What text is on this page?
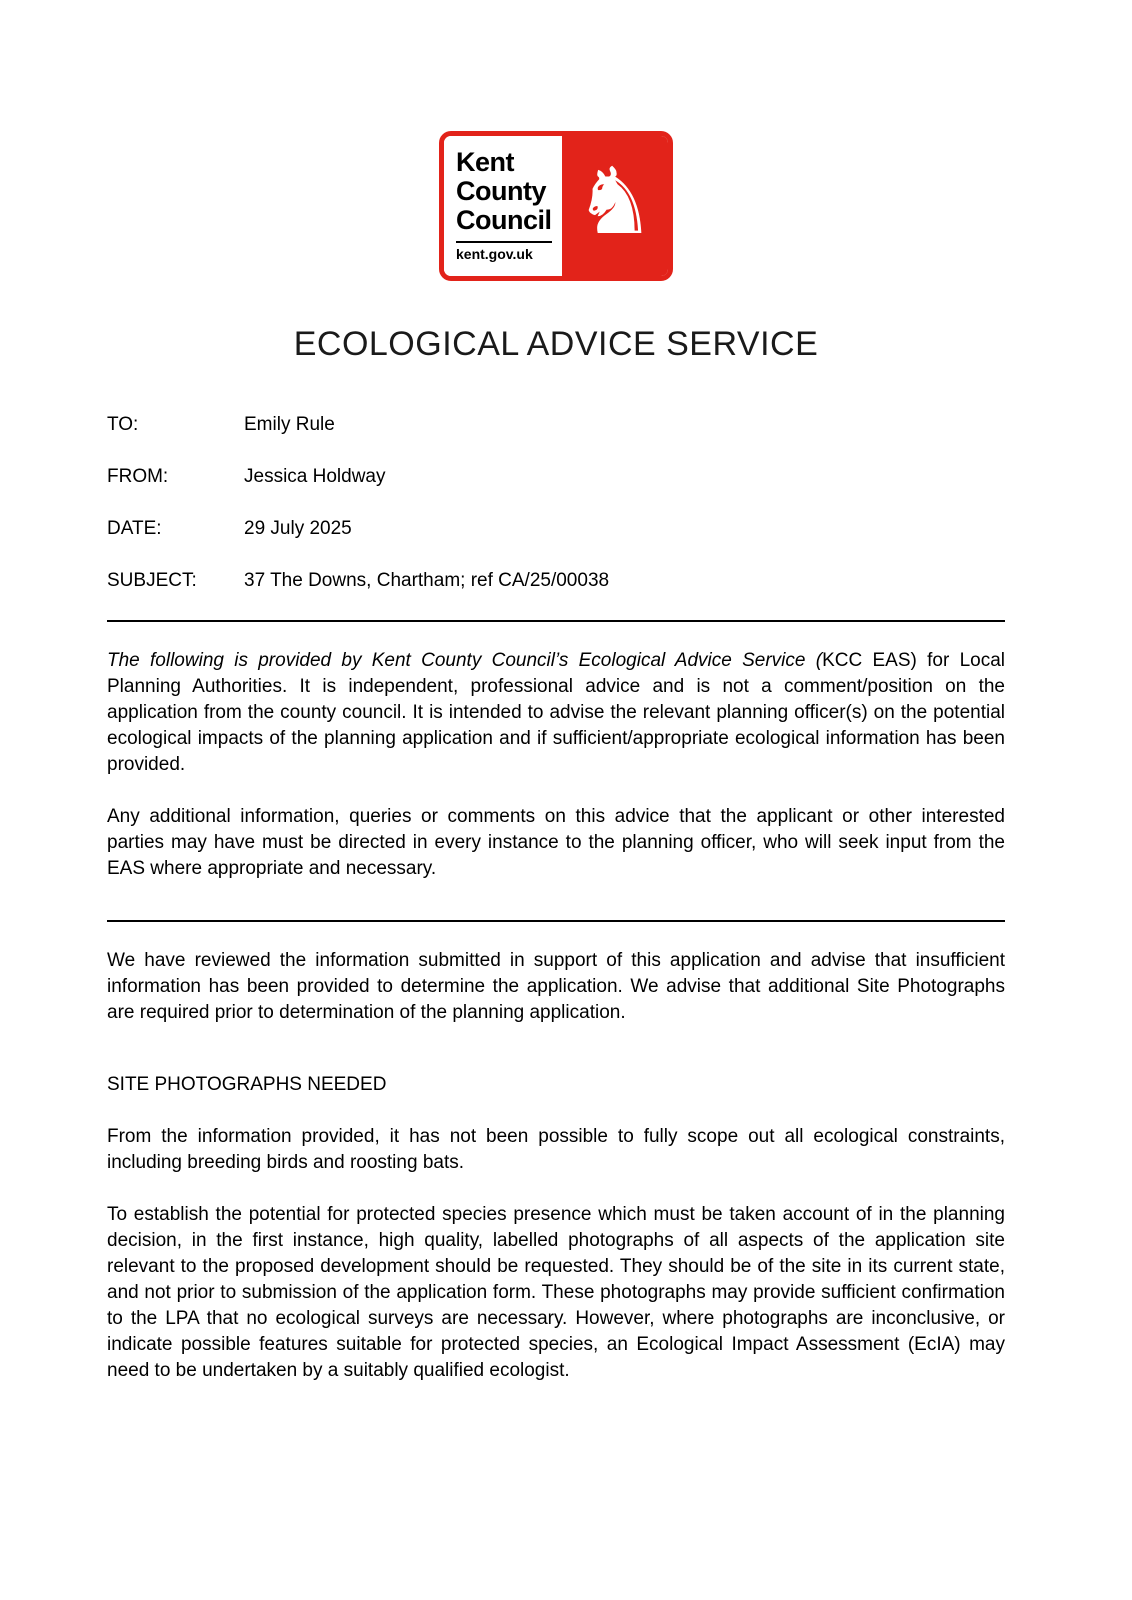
Kent
County
Council
kent.gov.uk ♞
ECOLOGICAL ADVICE SERVICE
TO:	Emily Rule
FROM:	Jessica Holdway
DATE:	29 July 2025
SUBJECT:	37 The Downs, Chartham; ref CA/25/00038

The following is provided by Kent County Council’s Ecological Advice Service (KCC EAS) for Local Planning Authorities. It is independent, professional advice and is not a comment/position on the application from the county council. It is intended to advise the relevant planning officer(s) on the potential ecological impacts of the planning application and if sufficient/appropriate ecological information has been provided.

Any additional information, queries or comments on this advice that the applicant or other interested parties may have must be directed in every instance to the planning officer, who will seek input from the EAS where appropriate and necessary.

We have reviewed the information submitted in support of this application and advise that insufficient information has been provided to determine the application. We advise that additional Site Photographs are required prior to determination of the planning application.

SITE PHOTOGRAPHS NEEDED

From the information provided, it has not been possible to fully scope out all ecological constraints, including breeding birds and roosting bats.

To establish the potential for protected species presence which must be taken account of in the planning decision, in the first instance, high quality, labelled photographs of all aspects of the application site relevant to the proposed development should be requested. They should be of the site in its current state, and not prior to submission of the application form. These photographs may provide sufficient confirmation to the LPA that no ecological surveys are necessary. However, where photographs are inconclusive, or indicate possible features suitable for protected species, an Ecological Impact Assessment (EcIA) may need to be undertaken by a suitably qualified ecologist.
